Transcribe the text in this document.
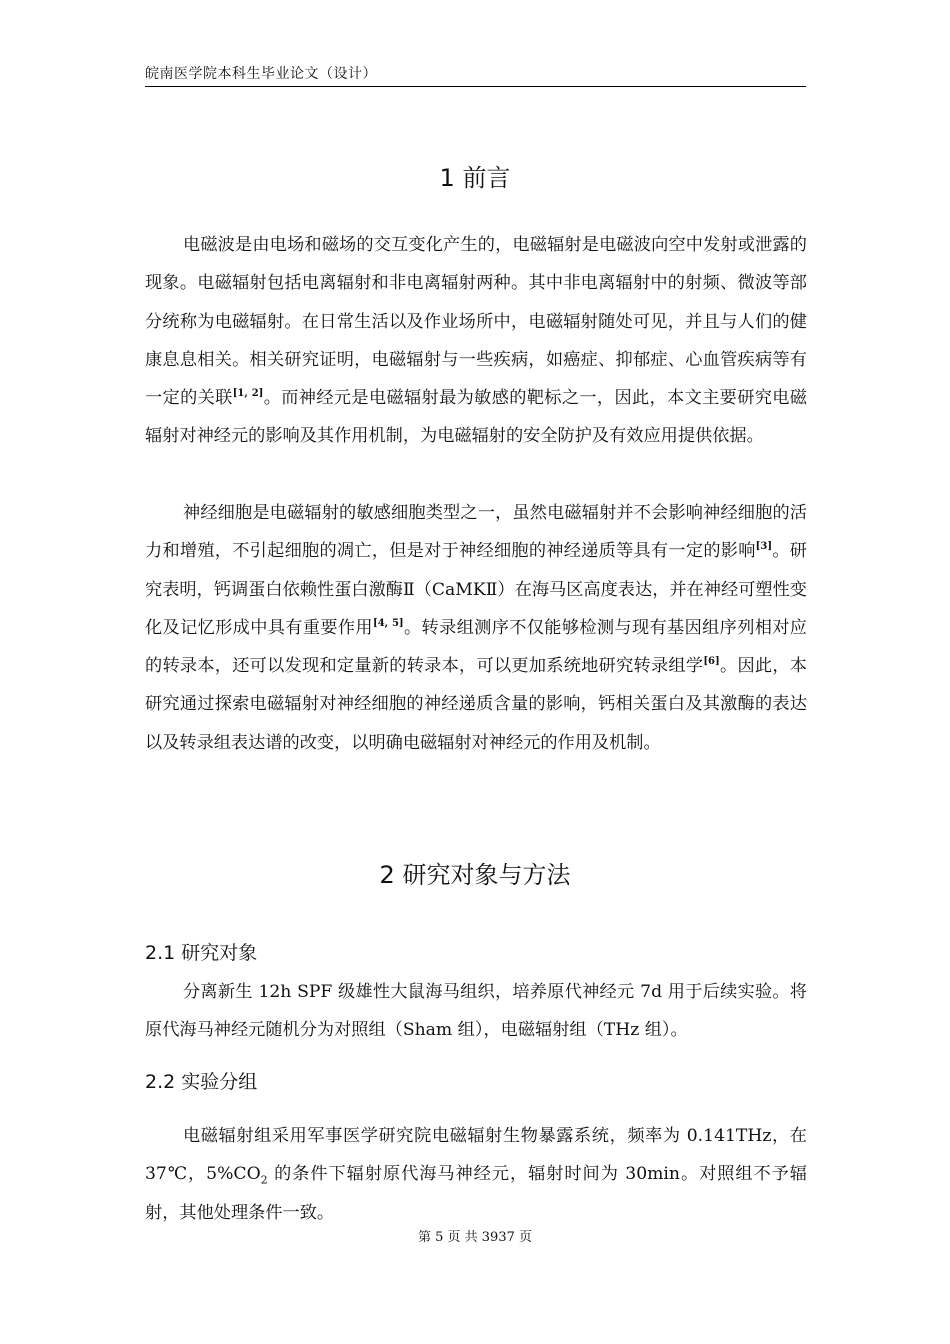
皖南医学院本科生毕业论文（设计）
1 前言

电磁波是由电场和磁场的交互变化产生的，电磁辐射是电磁波向空中发射或泄露的现象。电磁辐射包括电离辐射和非电离辐射两种。其中非电离辐射中的射频、微波等部分统称为电磁辐射。在日常生活以及作业场所中，电磁辐射随处可见，并且与人们的健康息息相关。相关研究证明，电磁辐射与一些疾病，如癌症、抑郁症、心血管疾病等有一定的关联[1, 2]。而神经元是电磁辐射最为敏感的靶标之一，因此，本文主要研究电磁辐射对神经元的影响及其作用机制，为电磁辐射的安全防护及有效应用提供依据。

神经细胞是电磁辐射的敏感细胞类型之一，虽然电磁辐射并不会影响神经细胞的活力和增殖，不引起细胞的凋亡，但是对于神经细胞的神经递质等具有一定的影响[3]。研究表明，钙调蛋白依赖性蛋白激酶Ⅱ（CaMKⅡ）在海马区高度表达，并在神经可塑性变化及记忆形成中具有重要作用[4, 5]。转录组测序不仅能够检测与现有基因组序列相对应的转录本，还可以发现和定量新的转录本，可以更加系统地研究转录组学[6]。因此，本研究通过探索电磁辐射对神经细胞的神经递质含量的影响，钙相关蛋白及其激酶的表达以及转录组表达谱的改变，以明确电磁辐射对神经元的作用及机制。

2 研究对象与方法
2.1 研究对象

分离新生 12h SPF 级雄性大鼠海马组织，培养原代神经元 7d 用于后续实验。将原代海马神经元随机分为对照组（Sham 组），电磁辐射组（THz 组）。

2.2 实验分组

电磁辐射组采用军事医学研究院电磁辐射生物暴露系统，频率为 0.141THz，在 37℃，$5\%CO_2$ 的条件下辐射原代海马神经元，辐射时间为 30min。对照组不予辐射，其他处理条件一致。

第 5 页 共 3937 页
